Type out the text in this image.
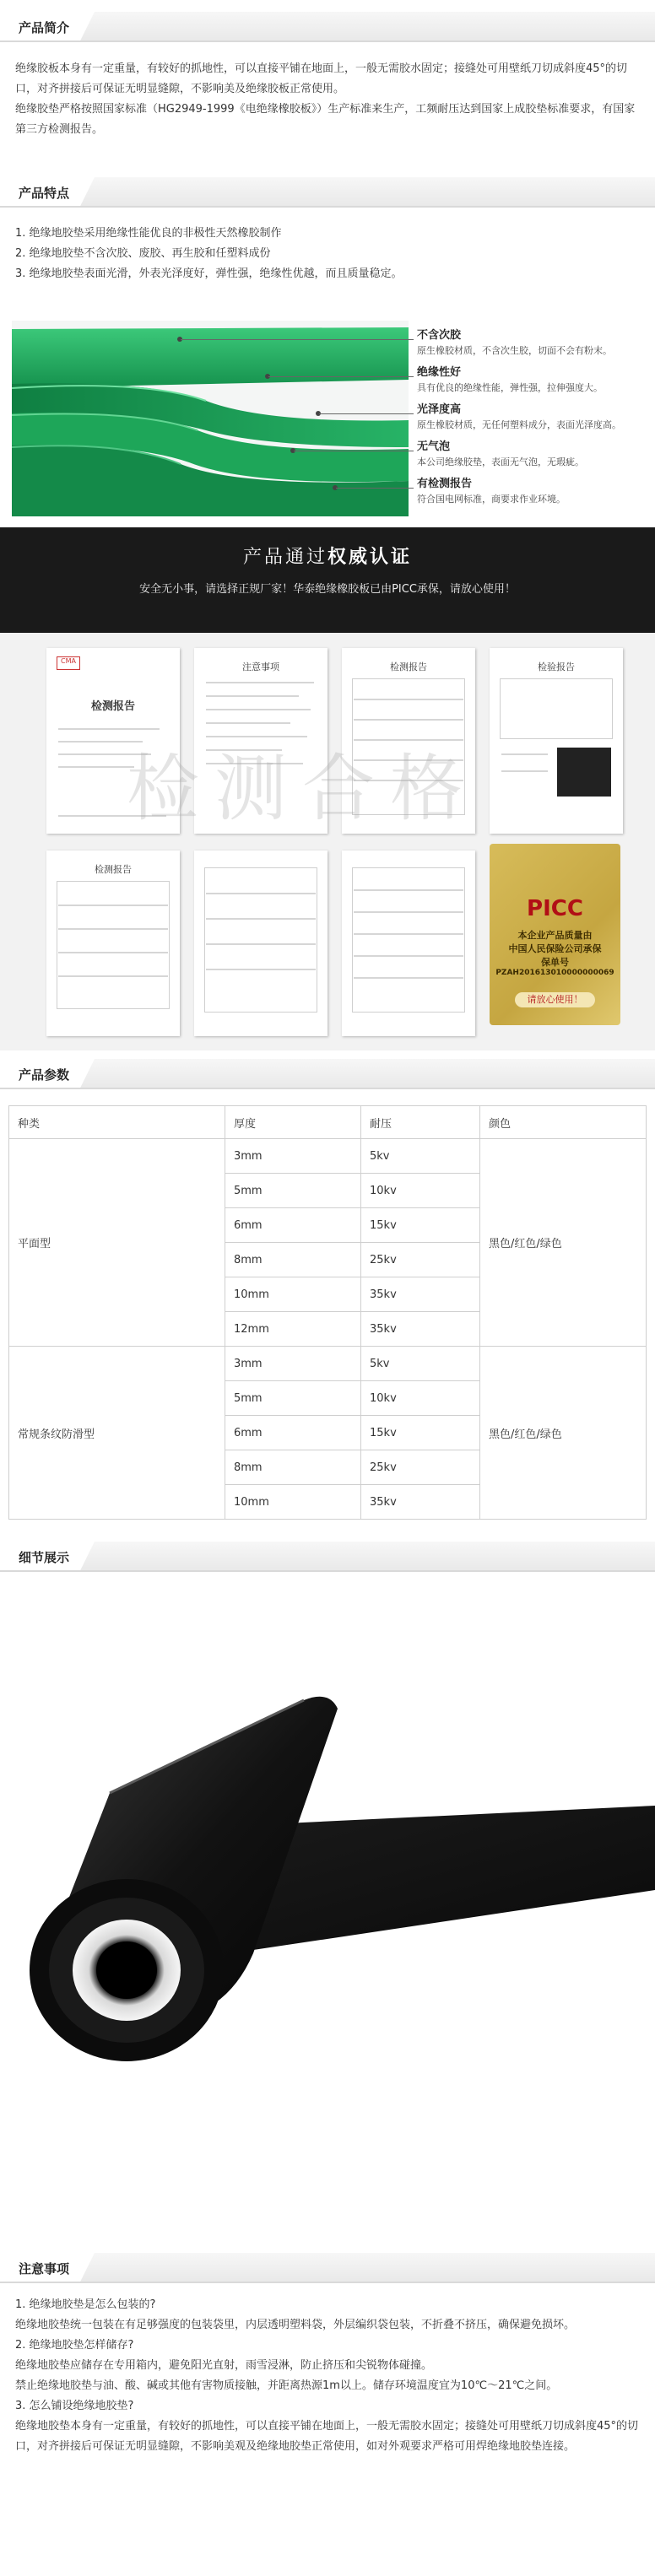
产品简介

绝缘胶板本身有一定重量，有较好的抓地性，可以直接平铺在地面上，一般无需胶水固定；接缝处可用壁纸刀切成斜度45°的切口，对齐拼接后可保证无明显缝隙，不影响美及绝缘胶板正常使用。

绝缘胶垫严格按照国家标准（HG2949-1999《电绝缘橡胶板》）生产标准来生产，工频耐压达到国家上成胶垫标准要求，有国家第三方检测报告。

产品特点

1. 绝缘地胶垫采用绝缘性能优良的非极性天然橡胶制作

2. 绝缘地胶垫不含次胶、废胶、再生胶和任塑料成份

3. 绝缘地胶垫表面光滑，外表光泽度好，弹性强，绝缘性优越，而且质量稳定。

不含次胶
原生橡胶材质，不含次生胶，切面不会有粉末。
绝缘性好
具有优良的绝缘性能，弹性强，拉伸强度大。
光泽度高
原生橡胶材质，无任何塑料成分，表面光泽度高。
无气泡
本公司绝缘胶垫，表面无气泡，无瑕疵。
有检测报告
符合国电网标准，商要求作业环境。
产品通过权威认证
安全无小事，请选择正规厂家！华泰绝缘橡胶板已由PICC承保，请放心使用！
CMA
检测报告
注意事项	检测报告	检验报告
检测报告
检测合格
PICC
本企业产品质量由
中国人民保险公司承保
保单号
PZAH201613010000000069
请放心使用！
产品参数
种类	厚度	耐压	颜色
平面型	3mm	5kv	黑色/红色/绿色
	5mm	10kv	
	6mm	15kv	
	8mm	25kv	
	10mm	35kv	
	12mm	35kv	
常规条纹防滑型	3mm	5kv	黑色/红色/绿色
	5mm	10kv	
	6mm	15kv	
	8mm	25kv	
	10mm	35kv	
细节展示
注意事项

1. 绝缘地胶垫是怎么包装的?

绝缘地胶垫统一包装在有足够强度的包装袋里，内层透明塑料袋，外层编织袋包装，不折叠不挤压，确保避免损坏。

2. 绝缘地胶垫怎样储存?

绝缘地胶垫应储存在专用箱内，避免阳光直射，雨雪浸淋，防止挤压和尖锐物体碰撞。

禁止绝缘地胶垫与油、酸、碱或其他有害物质接触，并距离热源1m以上。储存环境温度宜为10℃～21℃之间。

3. 怎么铺设绝缘地胶垫?

绝缘地胶垫本身有一定重量，有较好的抓地性，可以直接平铺在地面上，一般无需胶水固定；接缝处可用壁纸刀切成斜度45°的切口，对齐拼接后可保证无明显缝隙，不影响美观及绝缘地胶垫正常使用，如对外观要求严格可用焊绝缘地胶垫连接。
